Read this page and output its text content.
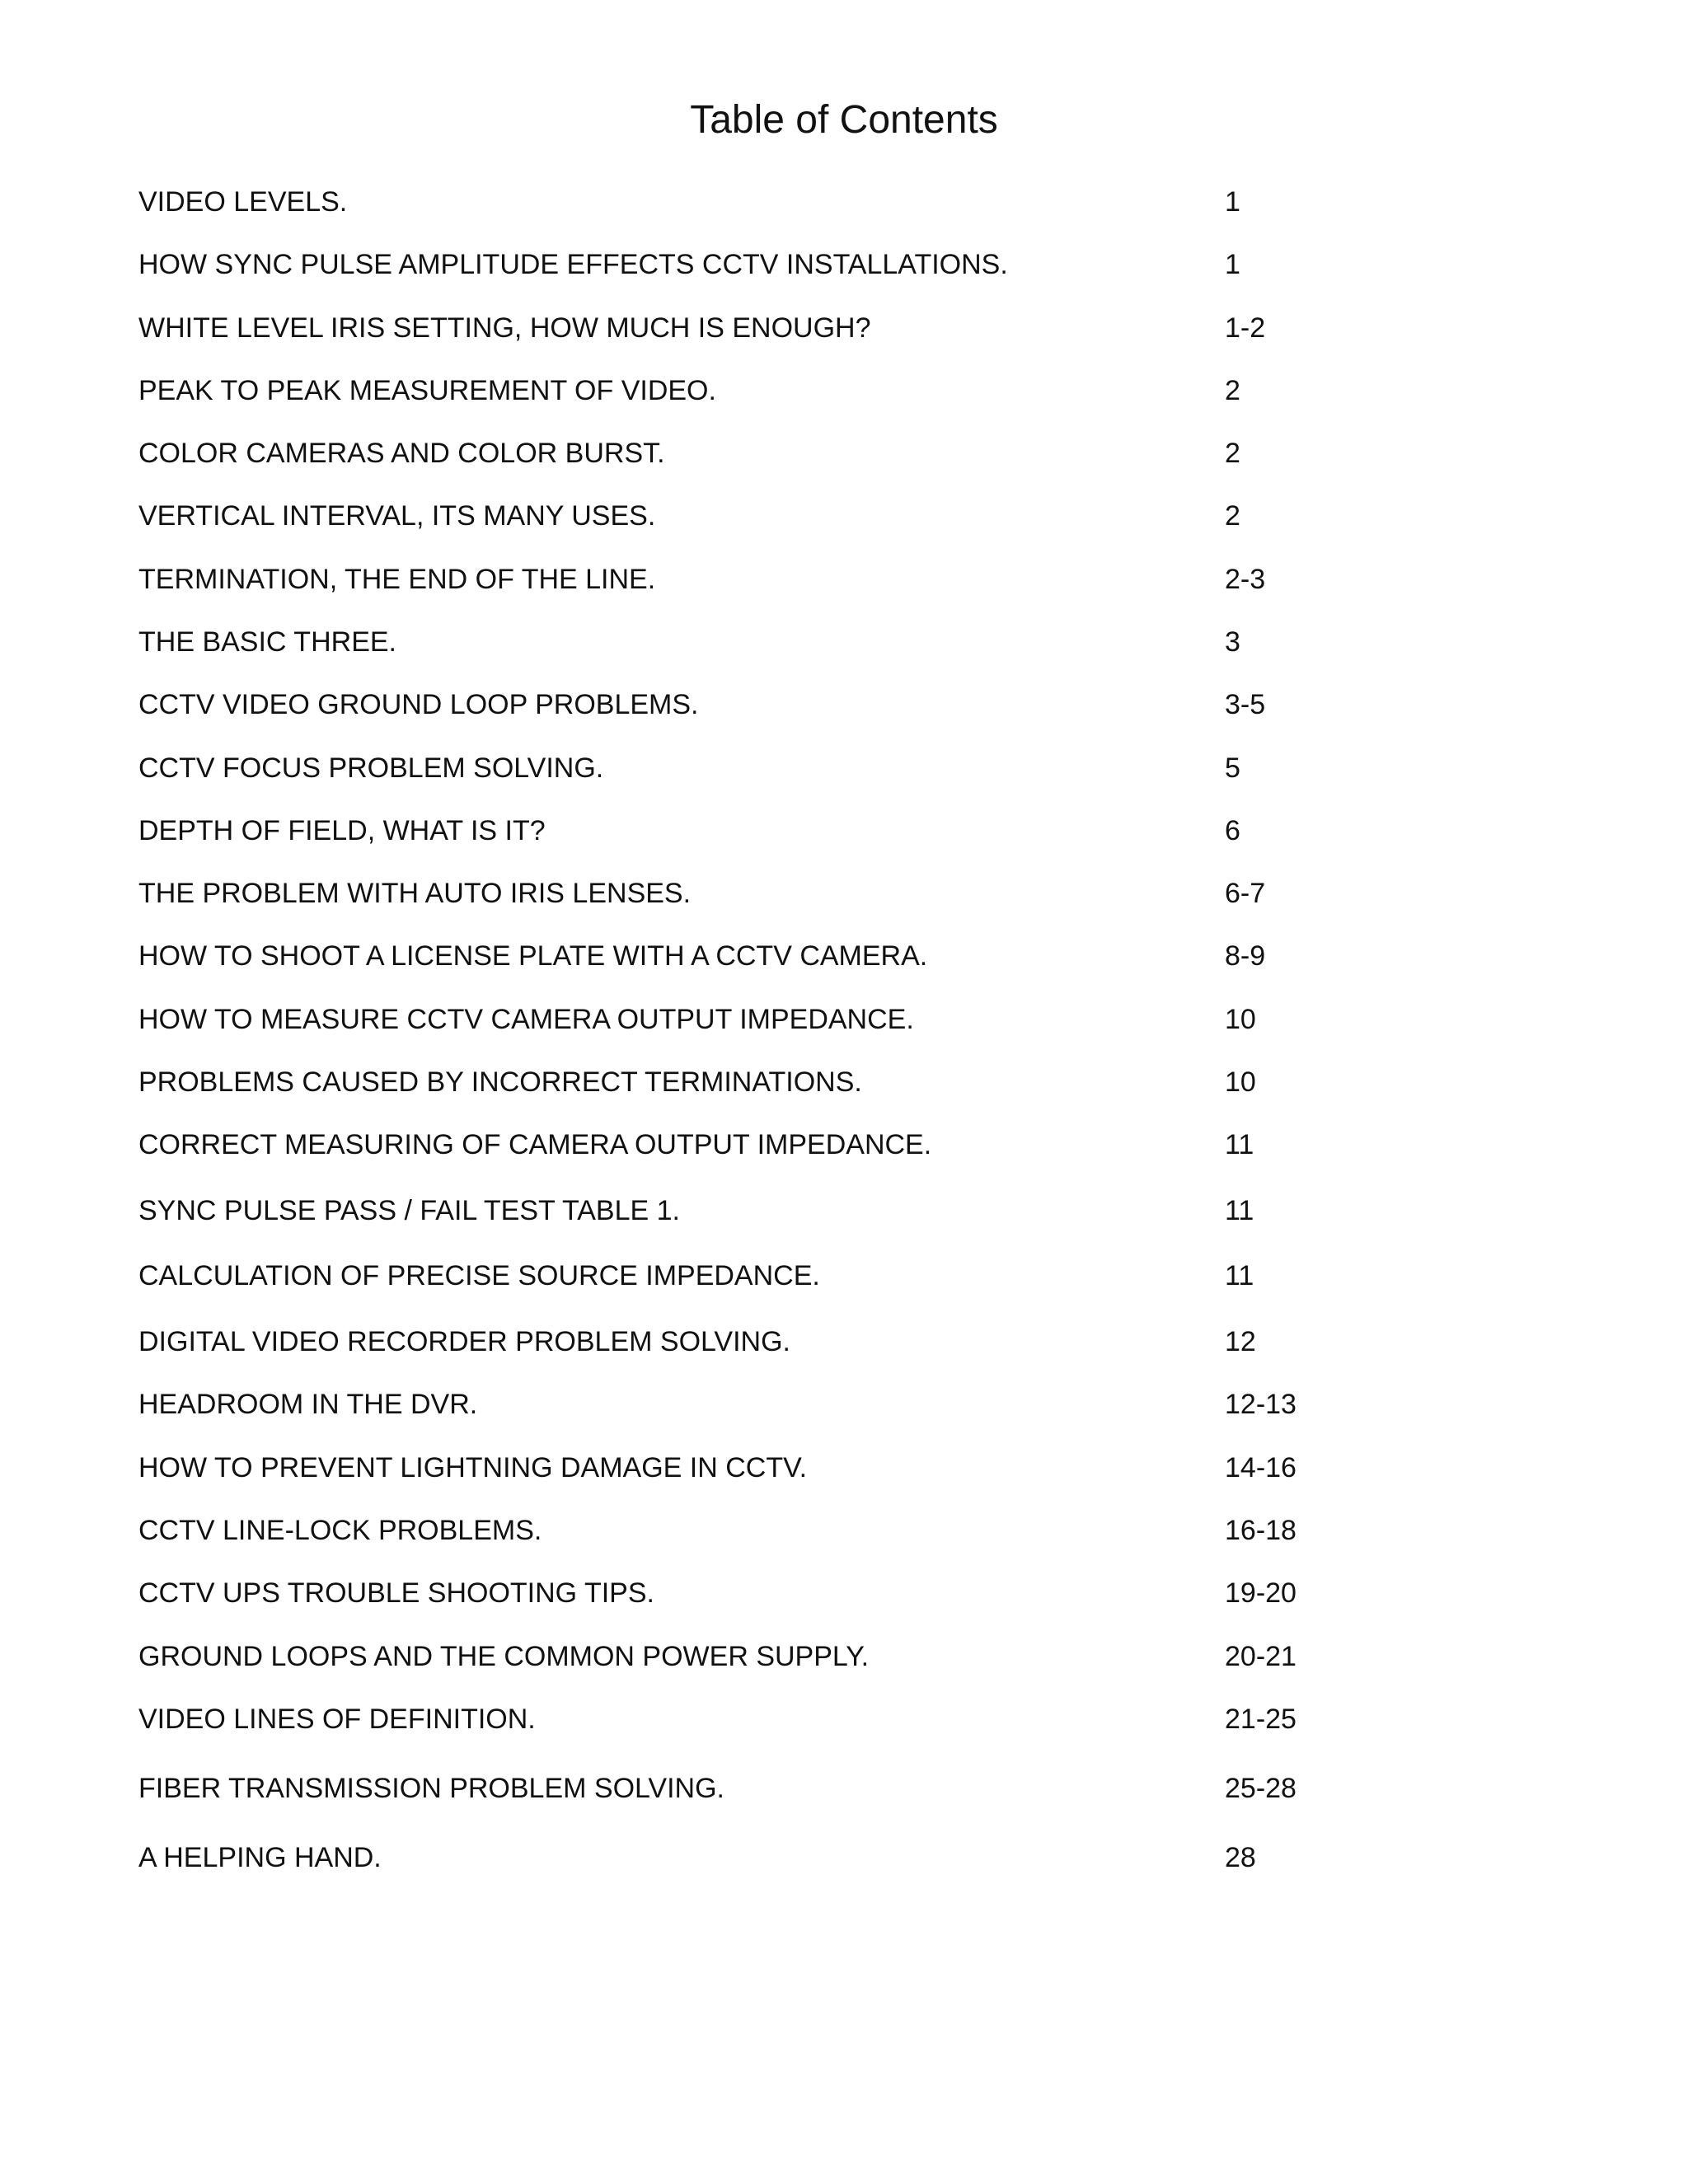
Table of Contents
VIDEO LEVELS.	1
HOW SYNC PULSE AMPLITUDE EFFECTS CCTV INSTALLATIONS.	1
WHITE LEVEL IRIS SETTING, HOW MUCH IS ENOUGH?	1-2
PEAK TO PEAK MEASUREMENT OF VIDEO.	2
COLOR CAMERAS AND COLOR BURST.	2
VERTICAL INTERVAL, ITS MANY USES.	2
TERMINATION, THE END OF THE LINE.	2-3
THE BASIC THREE.	3
CCTV VIDEO GROUND LOOP PROBLEMS.	3-5
CCTV FOCUS PROBLEM SOLVING.	5
DEPTH OF FIELD, WHAT IS IT?	6
THE PROBLEM WITH AUTO IRIS LENSES.	6-7
HOW TO SHOOT A LICENSE PLATE WITH A CCTV CAMERA.	8-9
HOW TO MEASURE CCTV CAMERA OUTPUT IMPEDANCE.	10
PROBLEMS CAUSED BY INCORRECT TERMINATIONS.	10
CORRECT MEASURING OF CAMERA OUTPUT IMPEDANCE.	11
SYNC PULSE PASS / FAIL TEST TABLE 1.	11
CALCULATION OF PRECISE SOURCE IMPEDANCE.	11
DIGITAL VIDEO RECORDER PROBLEM SOLVING.	12
HEADROOM IN THE DVR.	12-13
HOW TO PREVENT LIGHTNING DAMAGE IN CCTV.	14-16
CCTV LINE-LOCK PROBLEMS.	16-18
CCTV UPS TROUBLE SHOOTING TIPS.	19-20
GROUND LOOPS AND THE COMMON POWER SUPPLY.	20-21
VIDEO LINES OF DEFINITION.	21-25
FIBER TRANSMISSION PROBLEM SOLVING.	25-28
A HELPING HAND.	28
